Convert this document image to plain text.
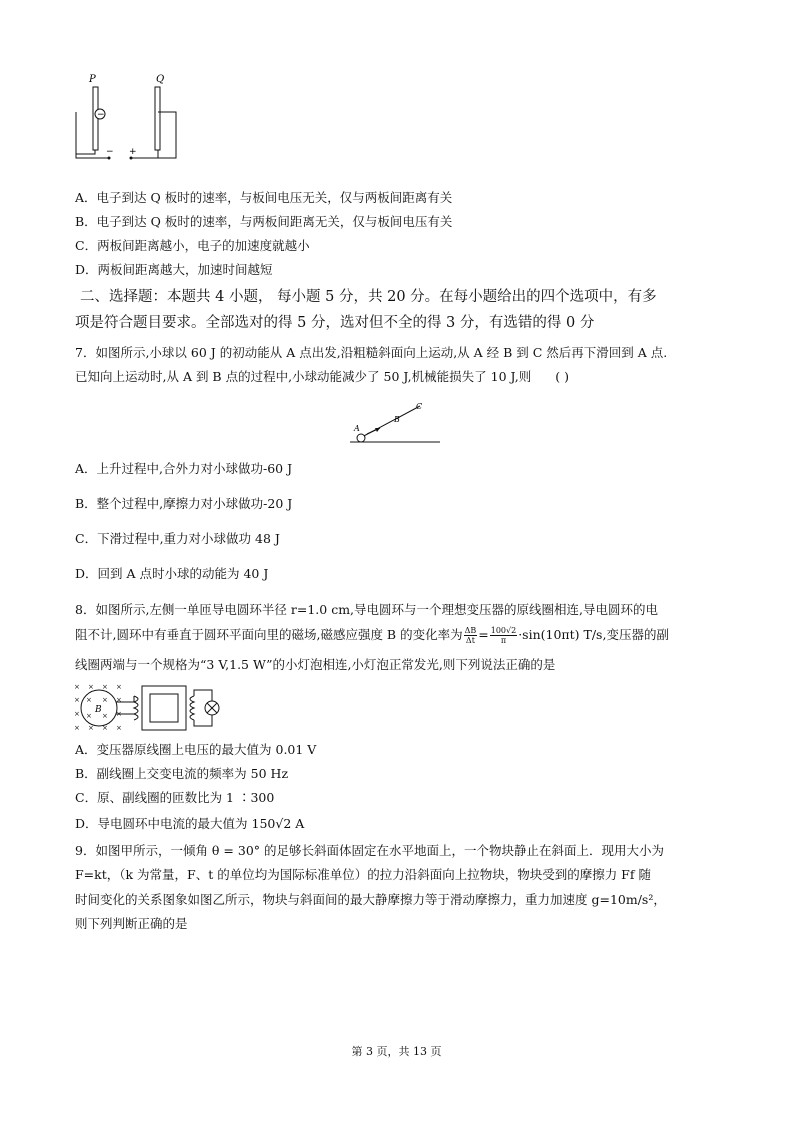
P	Q
−
− +
A．电子到达 Q 板时的速率，与板间电压无关，仅与两板间距离有关
B．电子到达 Q 板时的速率，与两板间距离无关，仅与板间电压有关
C．两板间距离越小，电子的加速度就越小
D．两板间距离越大，加速时间越短
二、选择题：本题共 4 小题， 每小题 5 分，共 20 分。在每小题给出的四个选项中，有多
项是符合题目要求。全部选对的得 5 分，选对但不全的得 3 分，有选错的得 0 分
7．如图所示,小球以 60 J 的初动能从 A 点出发,沿粗糙斜面向上运动,从 A 经 B 到 C 然后再下滑回到 A 点.
已知向上运动时,从 A 到 B 点的过程中,小球动能减少了 50 J,机械能损失了 10 J,则 ( )
A
B
C
A．上升过程中,合外力对小球做功-60 J
B．整个过程中,摩擦力对小球做功-20 J
C．下滑过程中,重力对小球做功 48 J
D．回到 A 点时小球的动能为 40 J
8．如图所示,左侧一单匝导电圆环半径 r=1.0 cm,导电圆环与一个理想变压器的原线圈相连,导电圆环的电
阻不计,圆环中有垂直于圆环平面向里的磁场,磁感应强度 B 的变化率为 $\frac{\Delta B}{\Delta t} = \frac{100√2}{\pi} \cdot\sin(10\pi t)$ T/s,变压器的副
线圈两端与一个规格为“3 V,1.5 W”的小灯泡相连,小灯泡正常发光,则下列说法正确的是
× × × ×
×	×
×	×
× × × ×
× ×
× ×
B
A．变压器原线圈上电压的最大值为 0.01 V
B．副线圈上交变电流的频率为 50 Hz
C．原、副线圈的匝数比为 1 ∶300
D．导电圆环中电流的最大值为 150√2 A
9．如图甲所示，一倾角 θ = 30° 的足够长斜面体固定在水平地面上，一个物块静止在斜面上．现用大小为
F=kt，（k 为常量，F、t 的单位均为国际标准单位）的拉力沿斜面向上拉物块，物块受到的摩擦力 Ff 随
时间变化的关系图象如图乙所示，物块与斜面间的最大静摩擦力等于滑动摩擦力，重力加速度 g=10m/s²，
则下列判断正确的是
第 3 页，共 13 页
